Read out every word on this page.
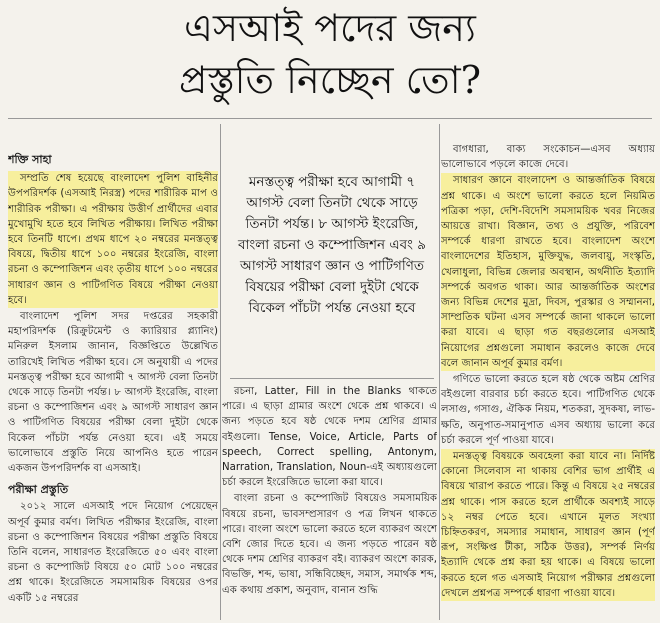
এসআই পদের জন্য
প্রস্তুতি নিচ্ছেন তো?
শক্তি সাহা

সম্প্রতি শেষ হয়েছে বাংলাদেশ পুলিশ বাহিনীর উপপরিদর্শক (এসআই নিরস্ত্র) পদের শারীরিক মাপ ও শারীরিক পরীক্ষা। এ পরীক্ষায় উত্তীর্ণ প্রার্থীদের এবার মুখোমুখি হতে হবে লিখিত পরীক্ষায়। লিখিত পরীক্ষা হবে তিনটি ধাপে। প্রথম ধাপে ২০ নম্বরের মনস্তত্ত্ব বিষয়ে, দ্বিতীয় ধাপে ১০০ নম্বরের ইংরেজি, বাংলা রচনা ও কম্পোজিশন এবং তৃতীয় ধাপে ১০০ নম্বরের সাধারণ জ্ঞান ও পাটিগণিত বিষয়ে পরীক্ষা নেওয়া হবে।

বাংলাদেশ পুলিশ সদর দপ্তরের সহকারী মহাপরিদর্শক (রিক্রুটমেন্ট ও ক্যারিয়ার প্ল্যানিং) মনিরুল ইসলাম জানান, বিজ্ঞপ্তিতে উল্লেখিত তারিখেই লিখিত পরীক্ষা হবে। সে অনুযায়ী এ পদের মনস্তত্ত্ব পরীক্ষা হবে আগামী ৭ আগস্ট বেলা তিনটা থেকে সাড়ে তিনটা পর্যন্ত। ৮ আগস্ট ইংরেজি, বাংলা রচনা ও কম্পোজিশন এবং ৯ আগস্ট সাধারণ জ্ঞান ও পাটিগণিত বিষয়ের পরীক্ষা বেলা দুইটা থেকে বিকেল পাঁচটা পর্যন্ত নেওয়া হবে। এই সময়ে ভালোভাবে প্রস্তুতি নিয়ে আপনিও হতে পারেন একজন উপপরিদর্শক বা এসআই।

পরীক্ষা প্রস্তুতি

২০১২ সালে এসআই পদে নিয়োগ পেয়েছেন অপূর্ব কুমার বর্মণ। লিখিত পরীক্ষার ইংরেজি, বাংলা রচনা ও কম্পোজিশন বিষয়ের পরীক্ষা প্রস্তুতি বিষয়ে তিনি বলেন, সাধারণত ইংরেজিতে ৫০ এবং বাংলা রচনা ও কম্পোজিট বিষয়ে ৫০ মোট ১০০ নম্বরের প্রশ্ন থাকে। ইংরেজিতে সমসাময়িক বিষয়ের ওপর একটি ১৫ নম্বরের

মনস্তত্ত্ব পরীক্ষা হবে আগামী ৭ আগস্ট বেলা তিনটা থেকে সাড়ে তিনটা পর্যন্ত। ৮ আগস্ট ইংরেজি, বাংলা রচনা ও কম্পোজিশন এবং ৯ আগস্ট সাধারণ জ্ঞান ও পাটিগণিত বিষয়ের পরীক্ষা বেলা দুইটা থেকে বিকেল পাঁচটা পর্যন্ত নেওয়া হবে

রচনা, Latter, Fill in the Blanks থাকতে পারে। এ ছাড়া গ্রামার অংশে থেকে প্রশ্ন থাকবে। এ জন্য পড়তে হবে ষষ্ঠ থেকে দশম শ্রেণির গ্রামার বইগুলো। Tense, Voice, Article, Parts of speech, Correct spelling, Antonym, Narration, Translation, Noun-এই অধ্যায়গুলো চর্চা করলে ইংরেজিতে ভালো করা যাবে।

বাংলা রচনা ও কম্পোজিট বিষয়েও সমসাময়িক বিষয়ে রচনা, ভাবসম্প্রসারণ ও পত্র লিখন থাকতে পারে। বাংলা অংশে ভালো করতে হলে ব্যাকরণ অংশে বেশি জোর দিতে হবে। এ জন্য পড়তে পারেন ষষ্ঠ থেকে দশম শ্রেণির ব্যাকরণ বই। ব্যাকরণ অংশে কারক, বিভক্তি, শব্দ, ভাষা, সন্ধিবিচ্ছেদ, সমাস, সমার্থক শব্দ, এক কথায় প্রকাশ, অনুবাদ, বানান শুদ্ধি

বাগধারা, বাক্য সংকোচন—এসব অধ্যায় ভালোভাবে পড়লে কাজে দেবে।

সাধারণ জ্ঞানে বাংলাদেশ ও আন্তর্জাতিক বিষয়ে প্রশ্ন থাকে। এ অংশে ভালো করতে হলে নিয়মিত পত্রিকা পড়া, দেশি-বিদেশি সমসাময়িক খবর নিজের আয়ত্তে রাখা। বিজ্ঞান, তথ্য ও প্রযুক্তি, পরিবেশ সম্পর্কে ধারণা রাখতে হবে। বাংলাদেশ অংশে বাংলাদেশের ইতিহাস, মুক্তিযুদ্ধ, জলবায়ু, সংস্কৃতি, খেলাধুলা, বিভিন্ন জেলার অবস্থান, অর্থনীতি ইত্যাদি সম্পর্কে অবগত থাকা। আর আন্তর্জাতিক অংশের জন্য বিভিন্ন দেশের মুদ্রা, দিবস, পুরস্কার ও সম্মাননা, সাম্প্রতিক ঘটনা এসব সম্পর্কে জানা থাকলে ভালো করা যাবে। এ ছাড়া গত বছরগুলোর এসআই নিয়োগের প্রশ্নগুলো সমাধান করলেও কাজে দেবে বলে জানান অপূর্ব কুমার বর্মণ।

গণিতে ভালো করতে হলে ষষ্ঠ থেকে অষ্টম শ্রেণির বইগুলো বারবার চর্চা করতে হবে। পাটিগণিত থেকে লসাগু, গসাগু, ঐকিক নিয়ম, শতকরা, সুদকষা, লাভ-ক্ষতি, অনুপাত-সমানুপাত এসব অধ্যায় ভালো করে চর্চা করলে পূর্ণ পাওয়া যাবে।

মনস্তত্ত্ব বিষয়কে অবহেলা করা যাবে না। নির্দিষ্ট কোনো সিলেবাস না থাকায় বেশির ভাগ প্রার্থীই এ বিষয়ে খারাপ করতে পারে। কিন্তু এ বিষয়ে ২৫ নম্বরের প্রশ্ন থাকে। পাস করতে হলে প্রার্থীকে অবশ্যই সাড়ে ১২ নম্বর পেতে হবে। এখানে মূলত সংখ্যা চিহ্নিতকরণ, সমস্যার সমাধান, সাধারণ জ্ঞান (পূর্ণ রূপ, সংক্ষিপ্ত টীকা, সঠিক উত্তর), সম্পর্ক নির্ণয় ইত্যাদি থেকে প্রশ্ন করা হয় থাকে। এ বিষয়ে ভালো করতে হলে গত এসআই নিয়োগ পরীক্ষার প্রশ্নগুলো দেখলে প্রশ্নপত্র সম্পর্কে ধারণা পাওয়া যাবে।
